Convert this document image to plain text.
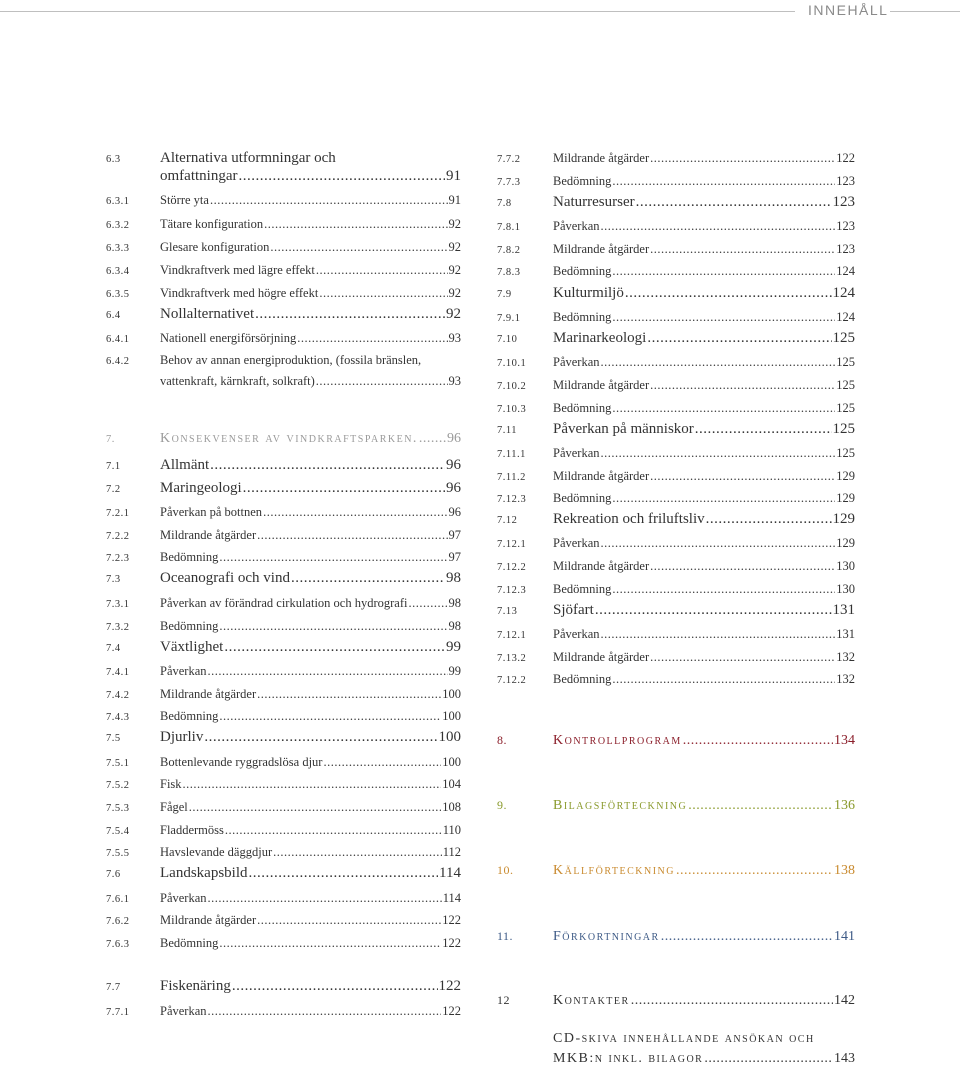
INNEHÅLL
6.3	Alternativa utformningar och
omfattningar .....	91
6.3.1	Större yta .....	91
6.3.2	Tätare konfiguration .....	92
6.3.3	Glesare konfiguration .....	92
6.3.4	Vindkraftverk med lägre effekt .....	92
6.3.5	Vindkraftverk med högre effekt .....	92
6.4	Nollalternativet .....	92
6.4.1	Nationell energiförsörjning .....	93
6.4.2	Behov av annan energiproduktion, (fossila bränslen,
vattenkraft, kärnkraft, solkraft) .....	93
7.	Konsekvenser av vindkraftsparken. ..... 96
7.1	Allmänt .....	96
7.2	Maringeologi .....	96
7.2.1	Påverkan på bottnen .....	96
7.2.2	Mildrande åtgärder .....	97
7.2.3	Bedömning .....	97
7.3	Oceanografi och vind .....	98
7.3.1	Påverkan av förändrad cirkulation och hydrografi .....	98
7.3.2	Bedömning .....	98
7.4	Växtlighet .....	99
7.4.1	Påverkan .....	99
7.4.2	Mildrande åtgärder .....	100
7.4.3	Bedömning .....	100
7.5	Djurliv .....	100
7.5.1	Bottenlevande ryggradslösa djur .....	100
7.5.2	Fisk .....	104
7.5.3	Fågel .....	108
7.5.4	Fladdermöss .....	110
7.5.5	Havslevande däggdjur .....	112
7.6	Landskapsbild .....	114
7.6.1	Påverkan .....	114
7.6.2	Mildrande åtgärder .....	122
7.6.3	Bedömning .....	122
7.7	Fiskenäring .....	122
7.7.1	Påverkan .....	122
7.7.2	Mildrande åtgärder .....	122
7.7.3	Bedömning .....	123
7.8	Naturresurser .....	123
7.8.1	Påverkan .....	123
7.8.2	Mildrande åtgärder .....	123
7.8.3	Bedömning .....	124
7.9	Kulturmiljö .....	124
7.9.1	Bedömning .....	124
7.10	Marinarkeologi .....	125
7.10.1	Påverkan .....	125
7.10.2	Mildrande åtgärder .....	125
7.10.3	Bedömning .....	125
7.11	Påverkan på människor .....	125
7.11.1	Påverkan .....	125
7.11.2	Mildrande åtgärder .....	129
7.12.3	Bedömning .....	129
7.12	Rekreation och friluftsliv .....	129
7.12.1	Påverkan .....	129
7.12.2	Mildrande åtgärder .....	130
7.12.3	Bedömning .....	130
7.13	Sjöfart .....	131
7.12.1	Påverkan .....	131
7.13.2	Mildrande åtgärder .....	132
7.12.2	Bedömning .....	132
8.	Kontrollprogram .....	134
9.	Bilagsförteckning .....	136
10.	Källförteckning .....	138
11.	Förkortningar .....	141
12	Kontakter .....	142
CD-skiva innehållande ansökan och
MKB:n inkl. bilagor .....	143
